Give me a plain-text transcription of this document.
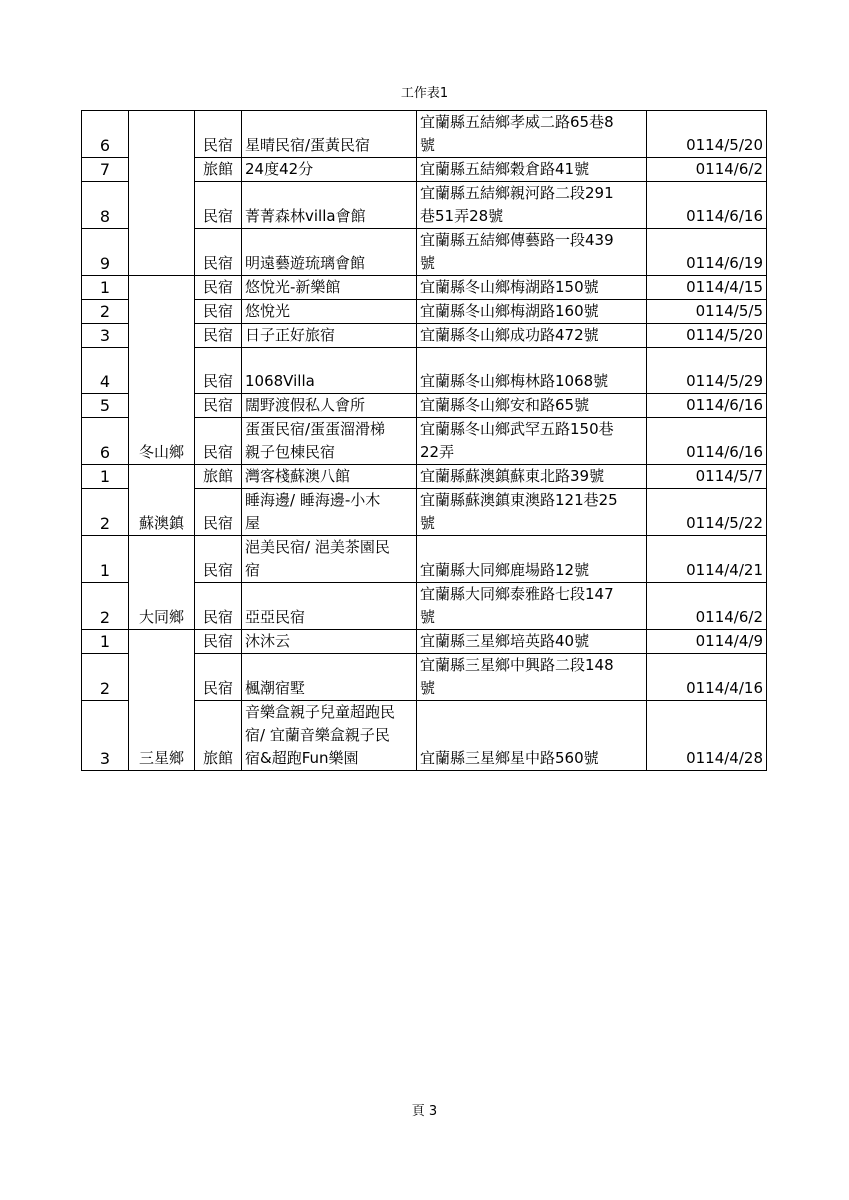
工作表1
6		民宿	星晴民宿/蛋黃民宿	宜蘭縣五結鄉孝威二路65巷8
號	0114/5/20
7		旅館	24度42分	宜蘭縣五結鄉穀倉路41號	0114/6/2
8		民宿	菁菁森林villa會館	宜蘭縣五結鄉親河路二段291
巷51弄28號	0114/6/16
9		民宿	明遠藝遊琉璃會館	宜蘭縣五結鄉傳藝路一段439
號	0114/6/19
1	冬山鄉	民宿	悠悅光-新樂館	宜蘭縣冬山鄉梅湖路150號	0114/4/15
2		民宿	悠悅光	宜蘭縣冬山鄉梅湖路160號	0114/5/5
3		民宿	日子正好旅宿	宜蘭縣冬山鄉成功路472號	0114/5/20
4		民宿	1068Villa	宜蘭縣冬山鄉梅林路1068號	0114/5/29
5		民宿	闊野渡假私人會所	宜蘭縣冬山鄉安和路65號	0114/6/16
6		民宿	蛋蛋民宿/蛋蛋溜滑梯
親子包棟民宿	宜蘭縣冬山鄉武罕五路150巷
22弄	0114/6/16
1	蘇澳鎮	旅館	灣客棧蘇澳八館	宜蘭縣蘇澳鎮蘇東北路39號	0114/5/7
2		民宿	睡海邊/ 睡海邊-小木
屋	宜蘭縣蘇澳鎮東澳路121巷25
號	0114/5/22
1	大同鄉	民宿	浥美民宿/ 浥美茶園民
宿	宜蘭縣大同鄉鹿場路12號	0114/4/21
2		民宿	亞亞民宿	宜蘭縣大同鄉泰雅路七段147
號	0114/6/2
1	三星鄉	民宿	沐沐云	宜蘭縣三星鄉培英路40號	0114/4/9
2		民宿	楓潮宿墅	宜蘭縣三星鄉中興路二段148
號	0114/4/16
3		旅館	音樂盒親子兒童超跑民
宿/ 宜蘭音樂盒親子民
宿&超跑Fun樂園	宜蘭縣三星鄉星中路560號	0114/4/28
頁 3
